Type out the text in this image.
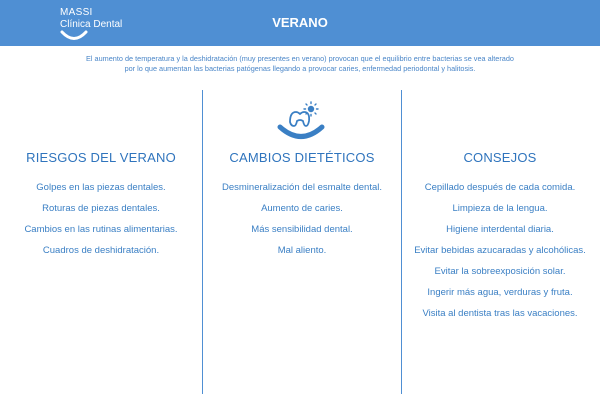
MASSI
Clínica Dental	VERANO
El aumento de temperatura y la deshidratación (muy presentes en verano) provocan que el equilibrio entre bacterias se vea alterado
por lo que aumentan las bacterias patógenas llegando a provocar caries, enfermedad periodontal y halitosis.
RIESGOS DEL VERANO
Golpes en las piezas dentales.
Roturas de piezas dentales.
Cambios en las rutinas alimentarias.
Cuadros de deshidratación.
CAMBIOS DIETÉTICOS
Desmineralización del esmalte dental.
Aumento de caries.
Más sensibilidad dental.
Mal aliento.
CONSEJOS
Cepillado después de cada comida.
Limpieza de la lengua.
Higiene interdental diaria.
Evitar bebidas azucaradas y alcohólicas.
Evitar la sobreexposición solar.
Ingerir más agua, verduras y fruta.
Visita al dentista tras las vacaciones.
